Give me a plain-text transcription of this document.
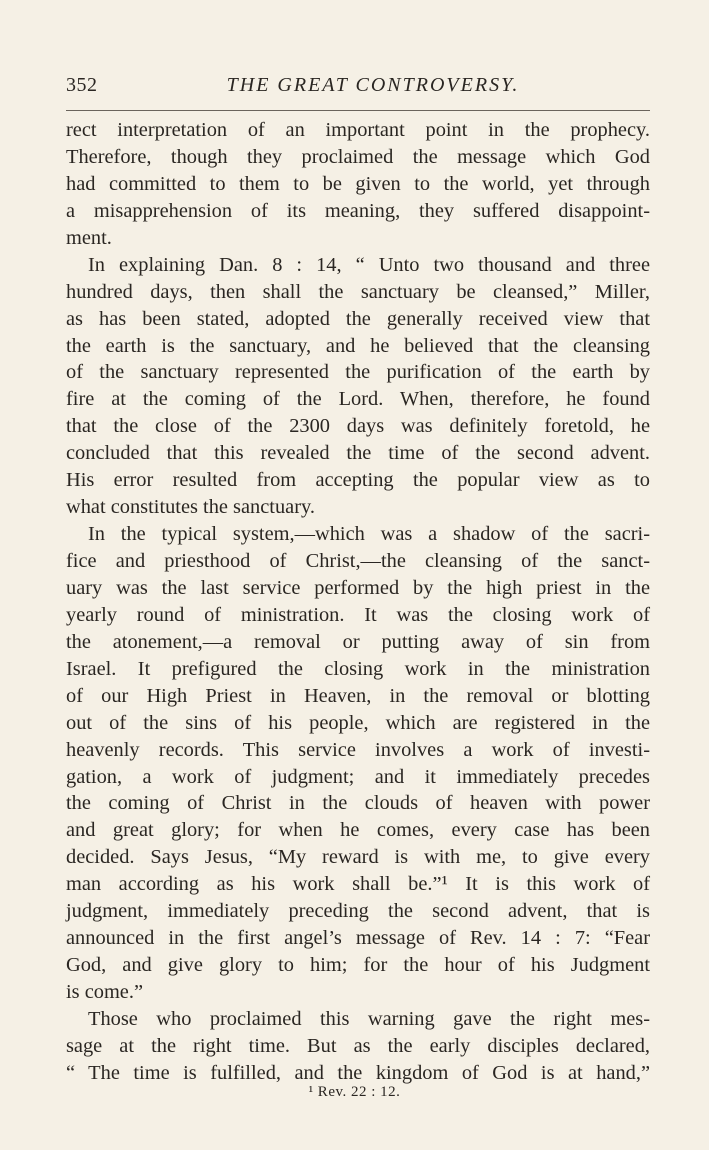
352	THE GREAT CONTROVERSY.
rect interpretation of an important point in the prophecy.
Therefore, though they proclaimed the message which God
had committed to them to be given to the world, yet through
a misapprehension of its meaning, they suffered disappoint-
ment.
In explaining Dan. 8 : 14, “ Unto two thousand and three
hundred days, then shall the sanctuary be cleansed,” Miller,
as has been stated, adopted the generally received view that
the earth is the sanctuary, and he believed that the cleansing
of the sanctuary represented the purification of the earth by
fire at the coming of the Lord. When, therefore, he found
that the close of the 2300 days was definitely foretold, he
concluded that this revealed the time of the second advent.
His error resulted from accepting the popular view as to
what constitutes the sanctuary.
In the typical system,—which was a shadow of the sacri-
fice and priesthood of Christ,—the cleansing of the sanct-
uary was the last service performed by the high priest in the
yearly round of ministration. It was the closing work of
the atonement,—a removal or putting away of sin from
Israel. It prefigured the closing work in the ministration
of our High Priest in Heaven, in the removal or blotting
out of the sins of his people, which are registered in the
heavenly records. This service involves a work of investi-
gation, a work of judgment; and it immediately precedes
the coming of Christ in the clouds of heaven with power
and great glory; for when he comes, every case has been
decided. Says Jesus, “My reward is with me, to give every
man according as his work shall be.”¹ It is this work of
judgment, immediately preceding the second advent, that is
announced in the first angel’s message of Rev. 14 : 7: “Fear
God, and give glory to him; for the hour of his Judgment
is come.”
Those who proclaimed this warning gave the right mes-
sage at the right time. But as the early disciples declared,
“ The time is fulfilled, and the kingdom of God is at hand,”
¹ Rev. 22 : 12.
